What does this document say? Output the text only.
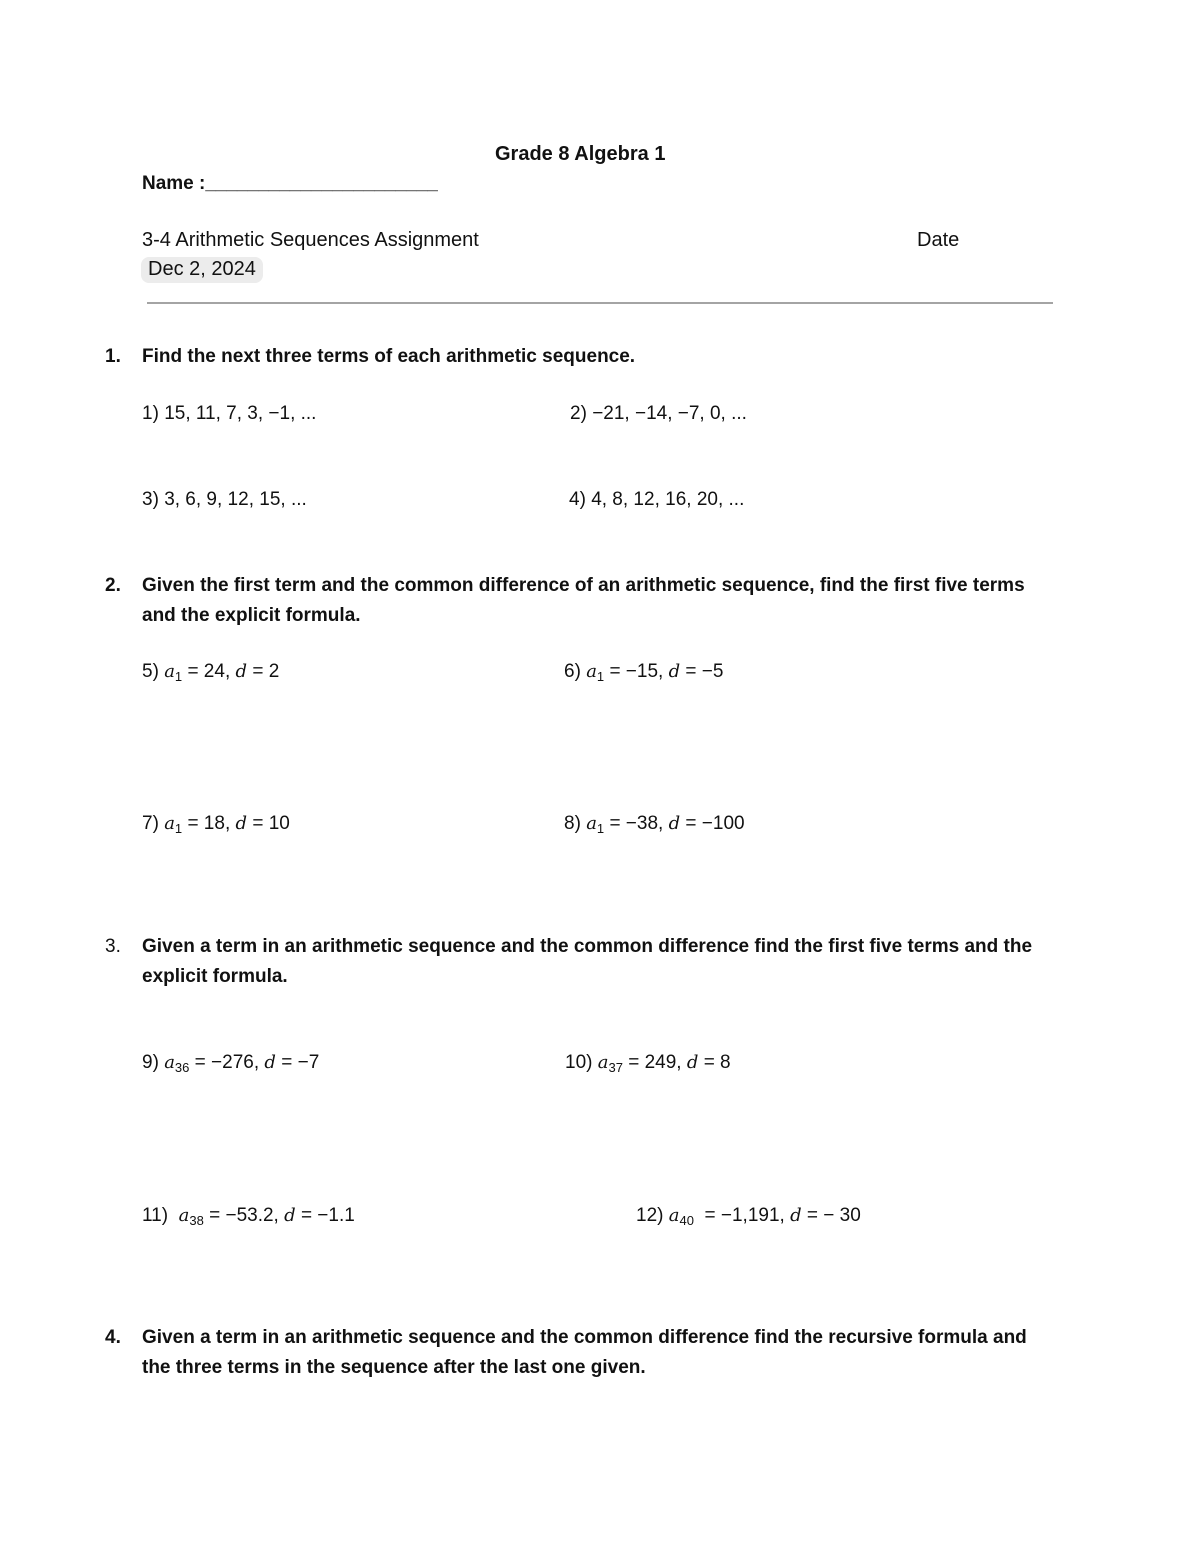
Grade 8 Algebra 1
Name :______________________
3-4 Arithmetic Sequences Assignment	Date
Dec 2, 2024
1. Find the next three terms of each arithmetic sequence.
1) 15, 11, 7, 3, −1, ...	2) −21, −14, −7, 0, ...
3) 3, 6, 9, 12, 15, ...	4) 4, 8, 12, 16, 20, ...
2. Given the first term and the common difference of an arithmetic sequence, find the first five terms and the explicit formula.
5) $a_1 = 24$, d = 2	6) $a_1 = -15$, d = −5
7) $a_1 = 18$, d = 10	8) $a_1 = -38$, d = −100
3. Given a term in an arithmetic sequence and the common difference find the first five terms and the explicit formula.
9) $a_{36} = -276$, d = −7	10) $a_{37} = 249$, d = 8
11) $a_{38} = -53.2$, d = −1.1	12) $a_{40} = -1,191$, d = − 30
4. Given a term in an arithmetic sequence and the common difference find the recursive formula and the three terms in the sequence after the last one given.
